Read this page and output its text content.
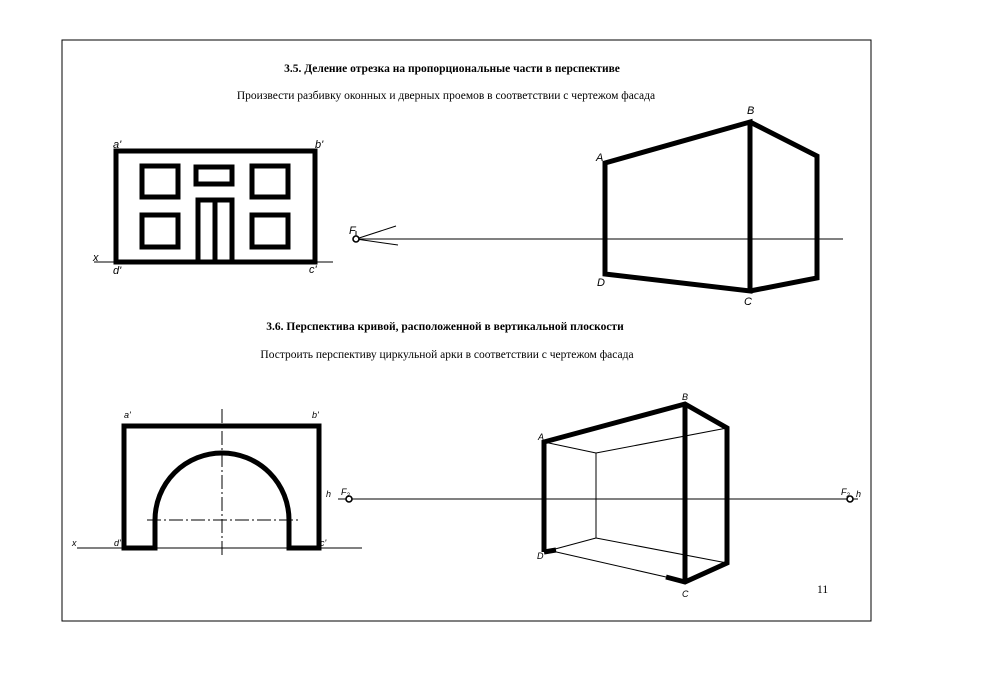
3.5. Деление отрезка на пропорциональные части в перспективе
Произвести разбивку оконных и дверных проемов в соответствии с чертежом фасада
a'	b'
d'	c'
x
F
A
B
C
D
3.6. Перспектива кривой, расположенной в вертикальной плоскости
Построить перспективу циркульной арки в соответствии с чертежом фасада
a'	b'
d'	c'
x
h $F_2$	$F_2$ h
A
B
C
D
11
